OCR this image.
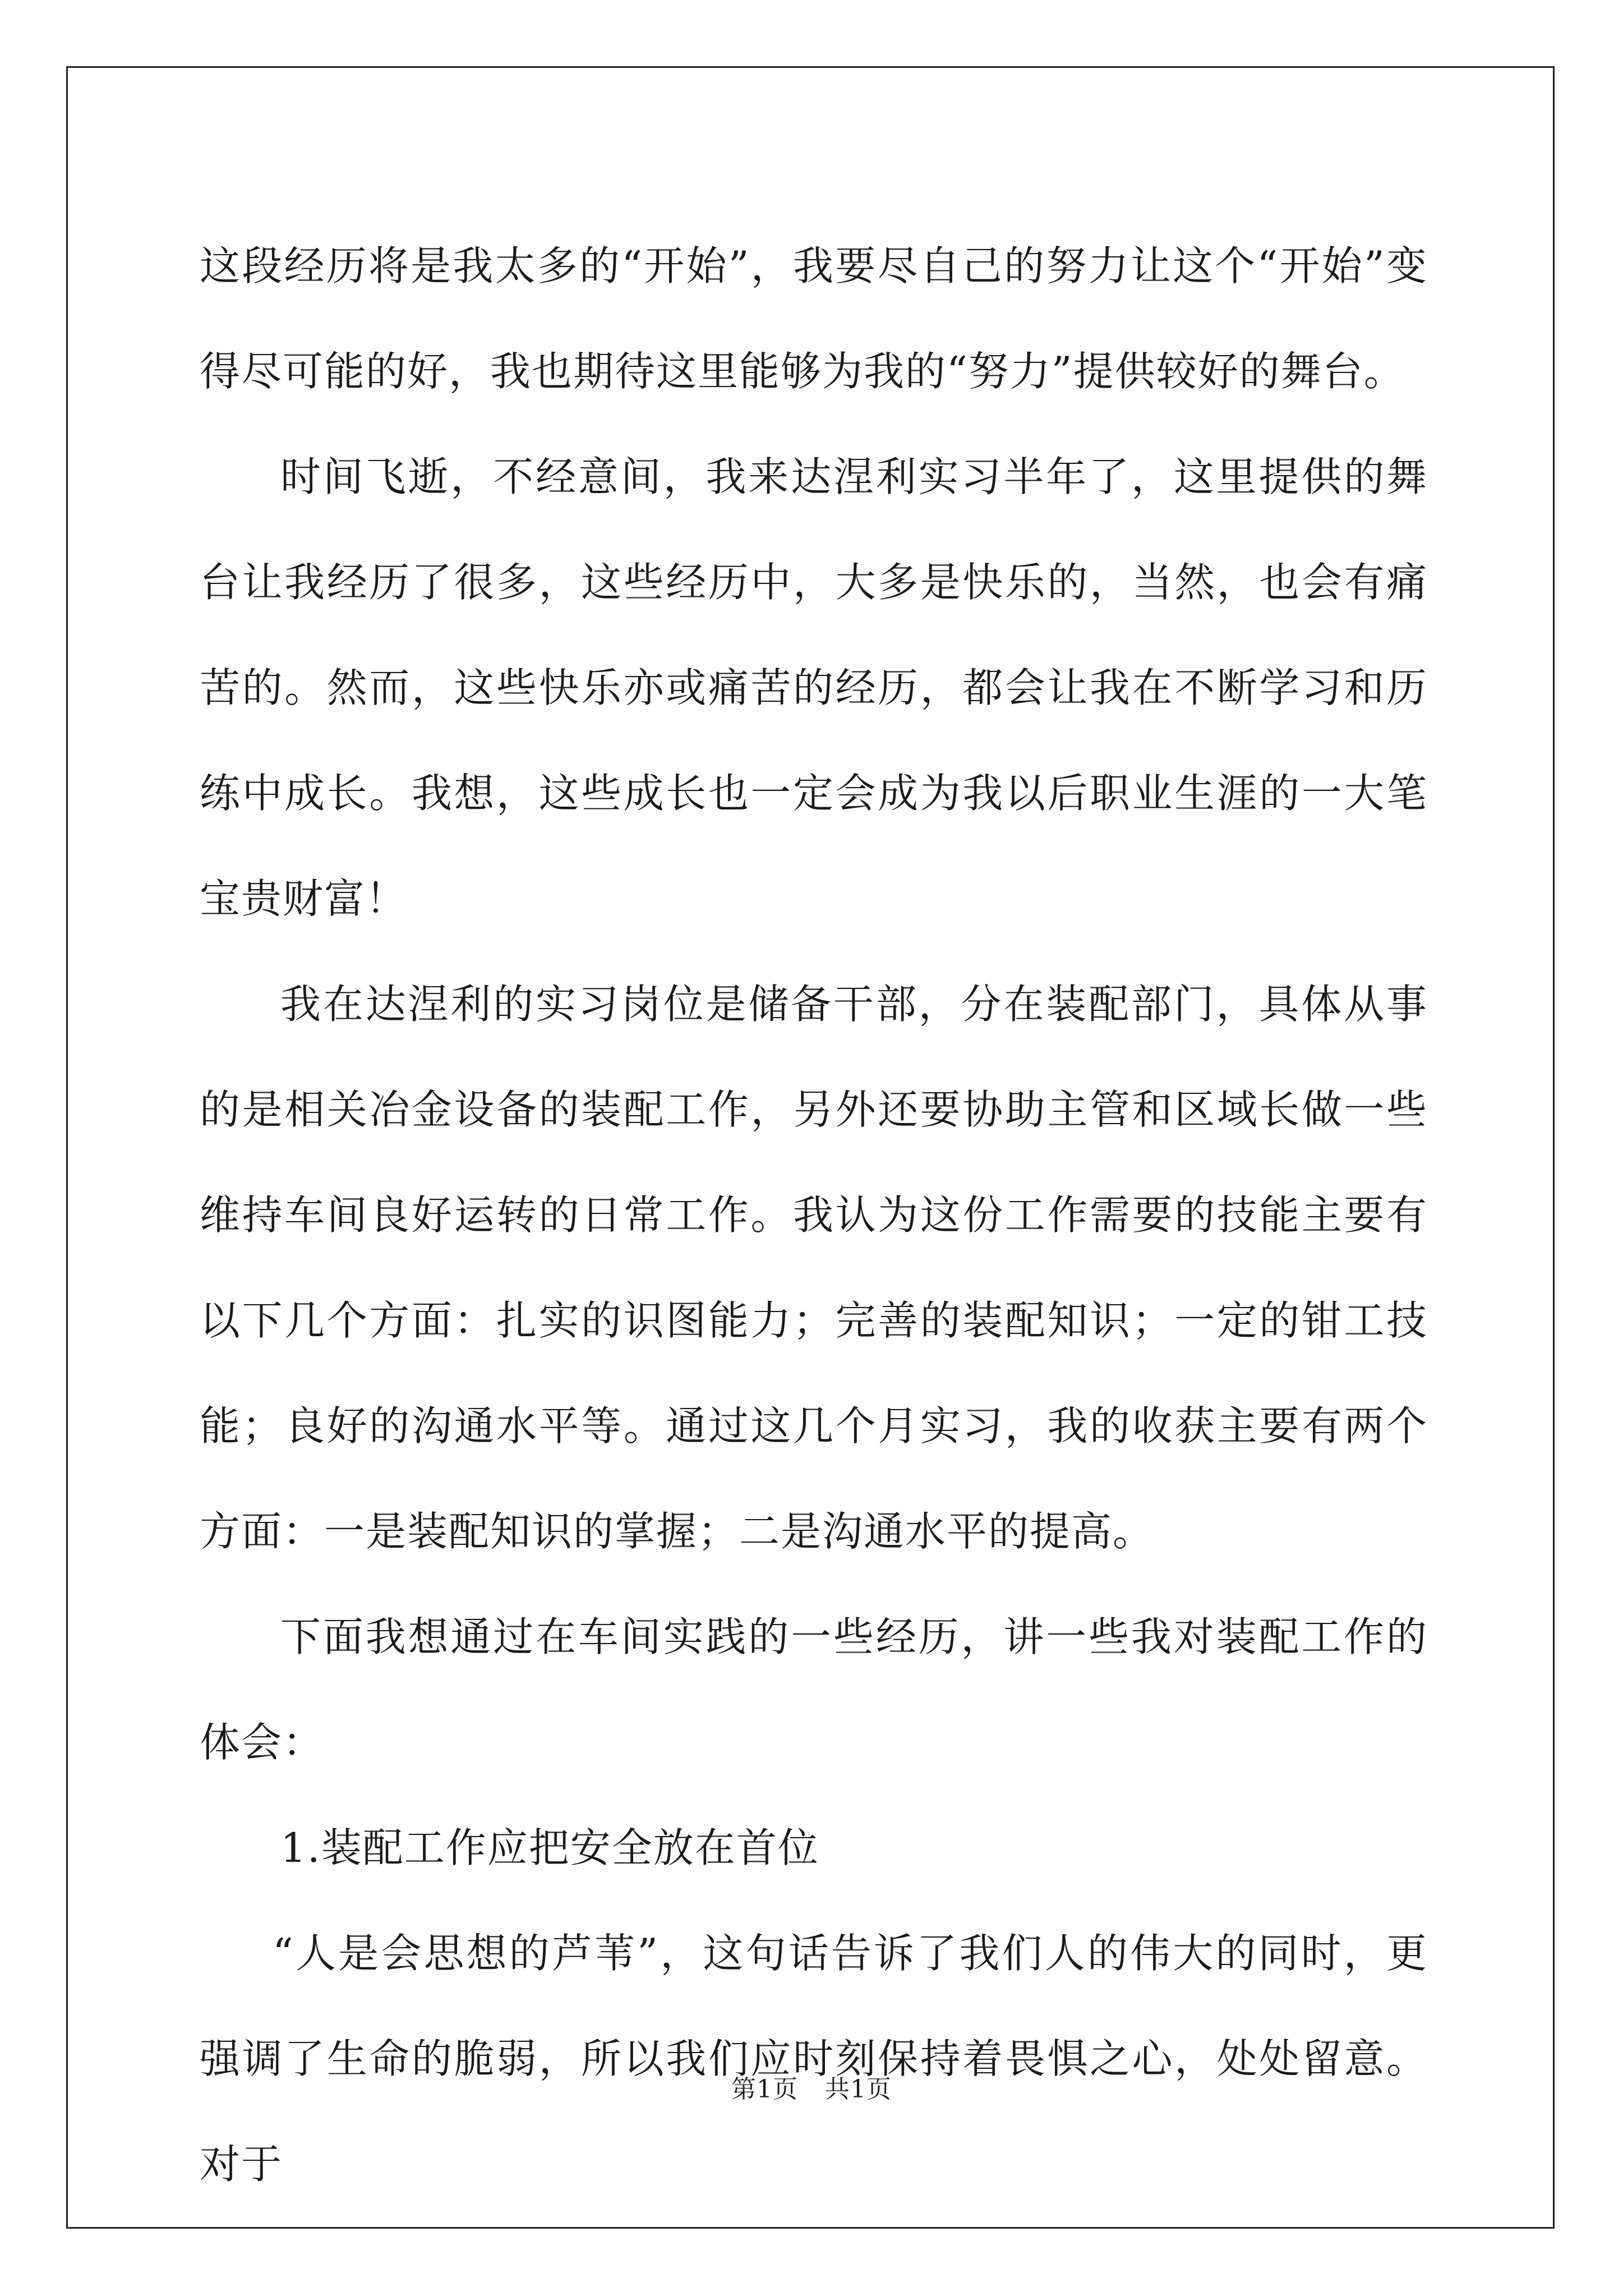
这段经历将是我太多的“开始”，我要尽自己的努力让这个“开始”变得尽可能的好，我也期待这里能够为我的“努力”提供较好的舞台。

时间飞逝，不经意间，我来达涅利实习半年了，这里提供的舞台让我经历了很多，这些经历中，大多是快乐的，当然，也会有痛苦的。然而，这些快乐亦或痛苦的经历，都会让我在不断学习和历练中成长。我想，这些成长也一定会成为我以后职业生涯的一大笔宝贵财富！

我在达涅利的实习岗位是储备干部，分在装配部门，具体从事的是相关冶金设备的装配工作，另外还要协助主管和区域长做一些维持车间良好运转的日常工作。我认为这份工作需要的技能主要有以下几个方面：扎实的识图能力；完善的装配知识；一定的钳工技能；良好的沟通水平等。通过这几个月实习，我的收获主要有两个方面：一是装配知识的掌握；二是沟通水平的提高。

下面我想通过在车间实践的一些经历，讲一些我对装配工作的体会：

1.装配工作应把安全放在首位

“人是会思想的芦苇”，这句话告诉了我们人的伟大的同时，更强调了生命的脆弱，所以我们应时刻保持着畏惧之心，处处留意。对于

第1页 共1页
